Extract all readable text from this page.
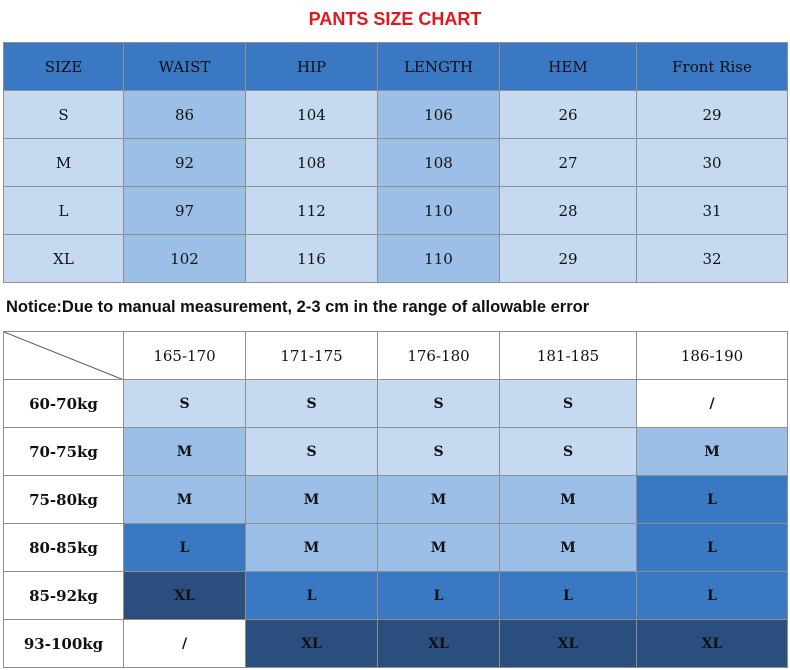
PANTS SIZE CHART
SIZE	WAIST	HIP	LENGTH	HEM	Front Rise
S	86	104	106	26	29
M	92	108	108	27	30
L	97	112	110	28	31
XL	102	116	110	29	32
Notice:Due to manual measurement, 2-3 cm in the range of allowable error
	165-170	171-175	176-180	181-185	186-190
60-70kg	S	S	S	S	/
70-75kg	M	S	S	S	M
75-80kg	M	M	M	M	L
80-85kg	L	M	M	M	L
85-92kg	XL	L	L	L	L
93-100kg	/	XL	XL	XL	XL
